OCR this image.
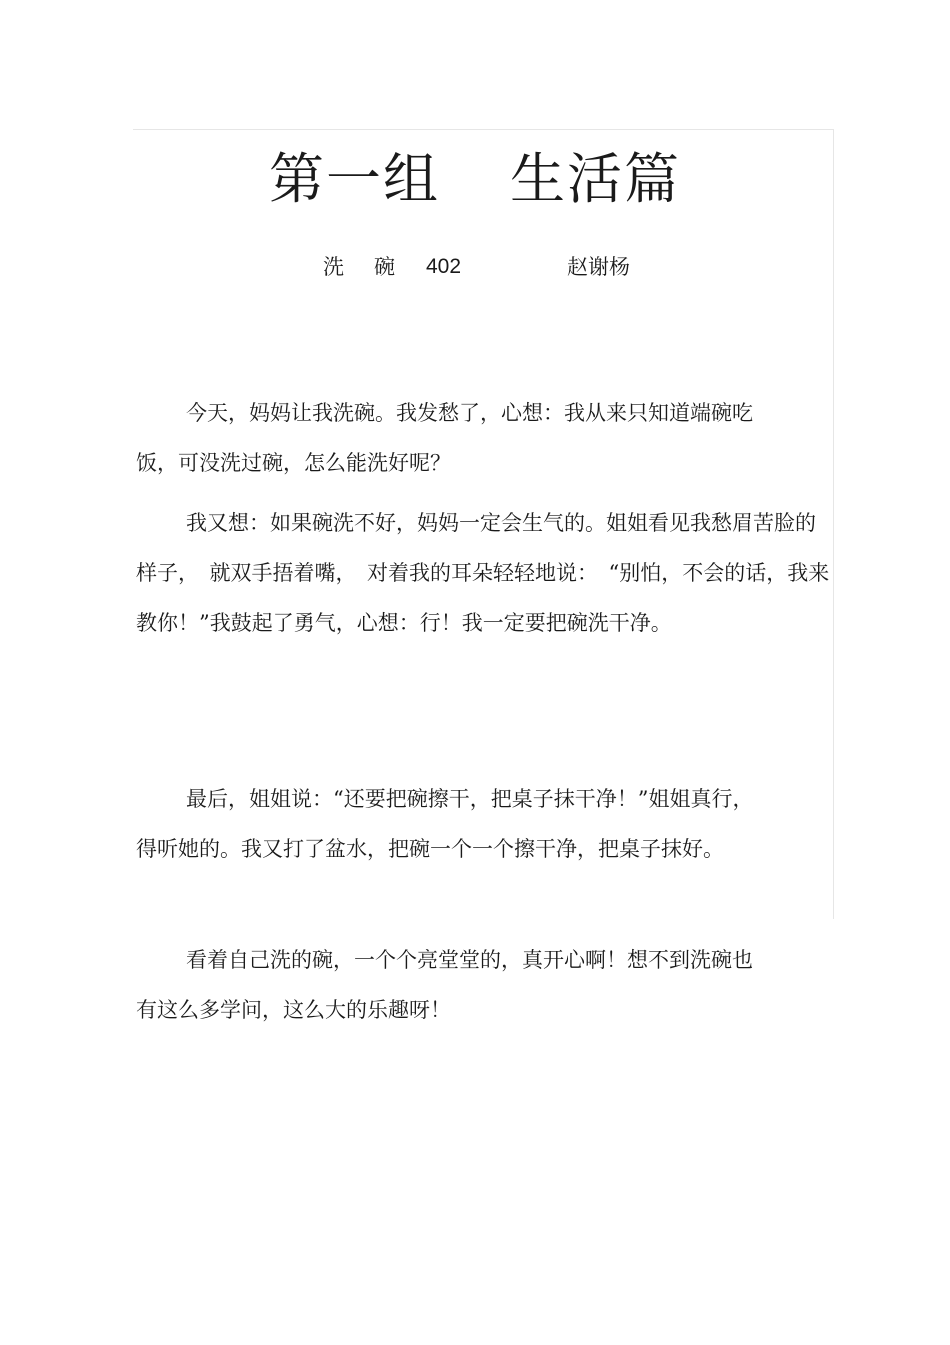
第一组 生活篇
洗 碗 402	赵谢杨

今天，妈妈让我洗碗。我发愁了，心想：我从来只知道端碗吃饭，可没洗过碗，怎么能洗好呢？

我又想：如果碗洗不好，妈妈一定会生气的。姐姐看见我愁眉苦脸的样子，　就双手捂着嘴，　对着我的耳朵轻轻地说：　“别怕，不会的话，我来教你！”我鼓起了勇气，心想：行！我一定要把碗洗干净。

最后，姐姐说：“还要把碗擦干，把桌子抹干净！”姐姐真行，得听她的。我又打了盆水，把碗一个一个擦干净，把桌子抹好。

看着自己洗的碗，一个个亮堂堂的，真开心啊！想不到洗碗也有这么多学问，这么大的乐趣呀！
